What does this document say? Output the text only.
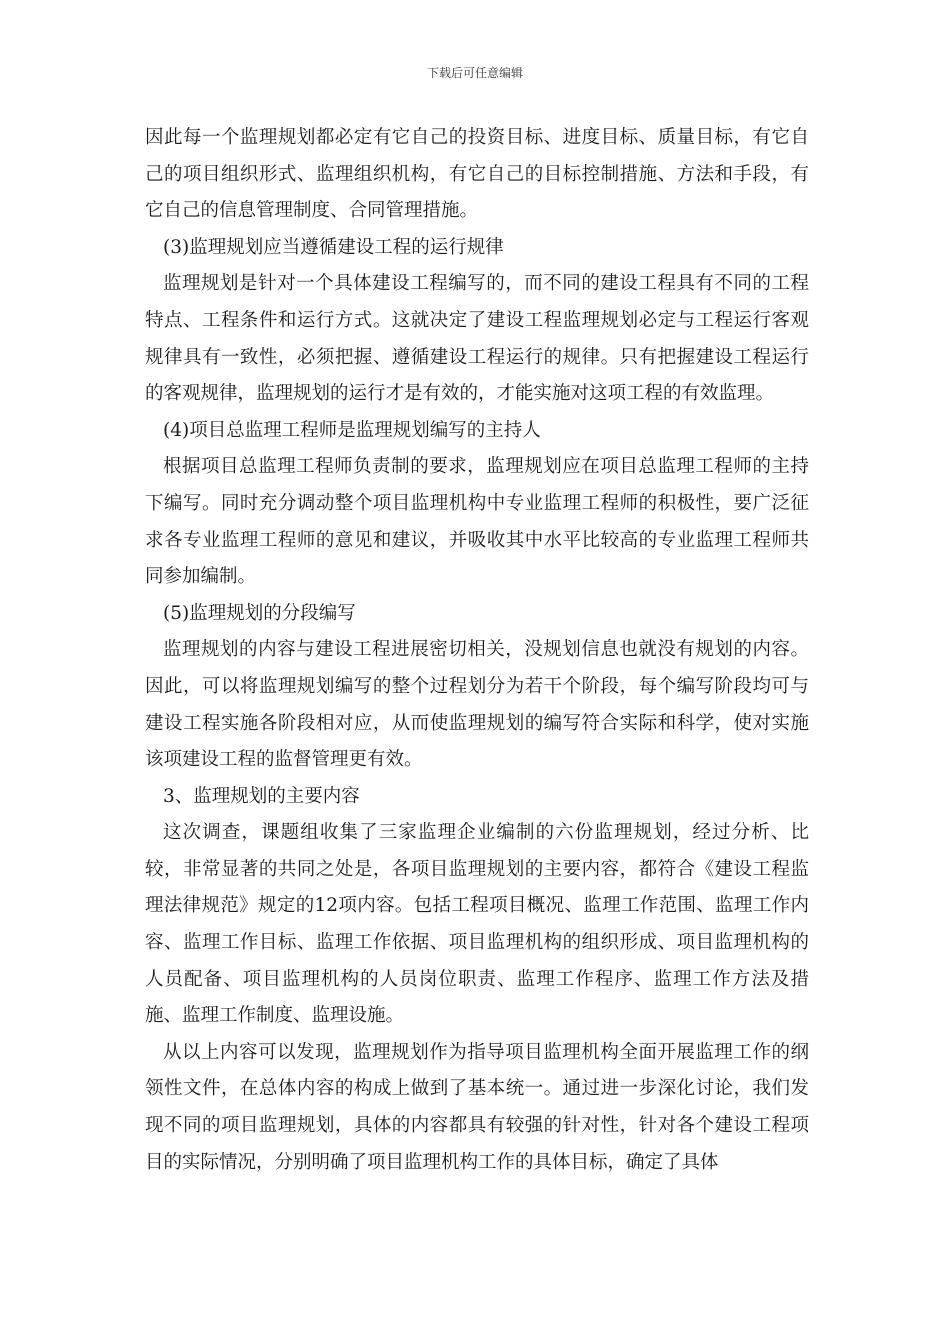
下载后可任意编辑

因此每一个监理规划都必定有它自己的投资目标、进度目标、质量目标，有它自己的项目组织形式、监理组织机构，有它自己的目标控制措施、方法和手段，有它自己的信息管理制度、合同管理措施。

(3)监理规划应当遵循建设工程的运行规律

监理规划是针对一个具体建设工程编写的，而不同的建设工程具有不同的工程特点、工程条件和运行方式。这就决定了建设工程监理规划必定与工程运行客观规律具有一致性，必须把握、遵循建设工程运行的规律。只有把握建设工程运行的客观规律，监理规划的运行才是有效的，才能实施对这项工程的有效监理。

(4)项目总监理工程师是监理规划编写的主持人

根据项目总监理工程师负责制的要求，监理规划应在项目总监理工程师的主持下编写。同时充分调动整个项目监理机构中专业监理工程师的积极性，要广泛征求各专业监理工程师的意见和建议，并吸收其中水平比较高的专业监理工程师共同参加编制。

(5)监理规划的分段编写

监理规划的内容与建设工程进展密切相关，没规划信息也就没有规划的内容。因此，可以将监理规划编写的整个过程划分为若干个阶段，每个编写阶段均可与建设工程实施各阶段相对应，从而使监理规划的编写符合实际和科学，使对实施该项建设工程的监督管理更有效。

3、监理规划的主要内容

这次调查，课题组收集了三家监理企业编制的六份监理规划，经过分析、比较，非常显著的共同之处是，各项目监理规划的主要内容，都符合《建设工程监理法律规范》规定的12项内容。包括工程项目概况、监理工作范围、监理工作内容、监理工作目标、监理工作依据、项目监理机构的组织形成、项目监理机构的人员配备、项目监理机构的人员岗位职责、监理工作程序、监理工作方法及措施、监理工作制度、监理设施。

从以上内容可以发现，监理规划作为指导项目监理机构全面开展监理工作的纲领性文件，在总体内容的构成上做到了基本统一。通过进一步深化讨论，我们发现不同的项目监理规划，具体的内容都具有较强的针对性，针对各个建设工程项目的实际情况，分别明确了项目监理机构工作的具体目标，确定了具体
